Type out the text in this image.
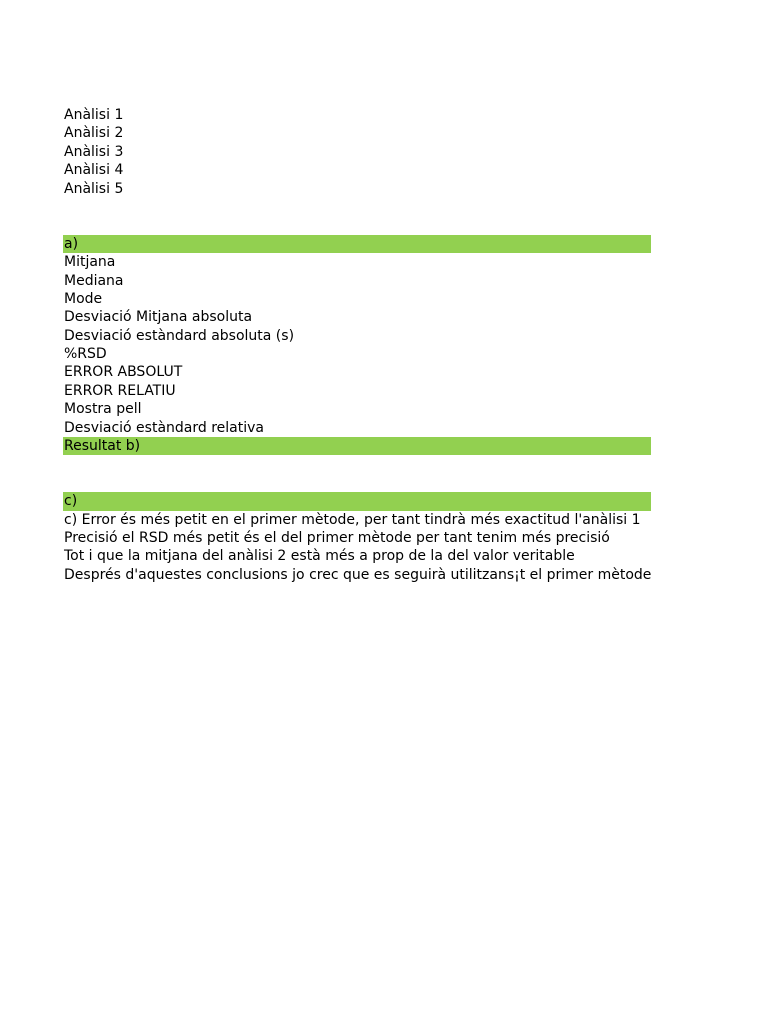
Anàlisi 1
Anàlisi 2
Anàlisi 3
Anàlisi 4
Anàlisi 5
a)
Mitjana
Mediana
Mode
Desviació Mitjana absoluta
Desviació estàndard absoluta (s)
%RSD
ERROR ABSOLUT
ERROR RELATIU
Mostra pell
Desviació estàndard relativa
Resultat b)
c)
c) Error és més petit en el primer mètode, per tant tindrà més exactitud l'anàlisi 1
Precisió el RSD més petit és el del primer mètode per tant tenim més precisió
Tot i que la mitjana del anàlisi 2 està més a prop de la del valor veritable
Després d'aquestes conclusions jo crec que es seguirà utilitzans¡t el primer mètode
